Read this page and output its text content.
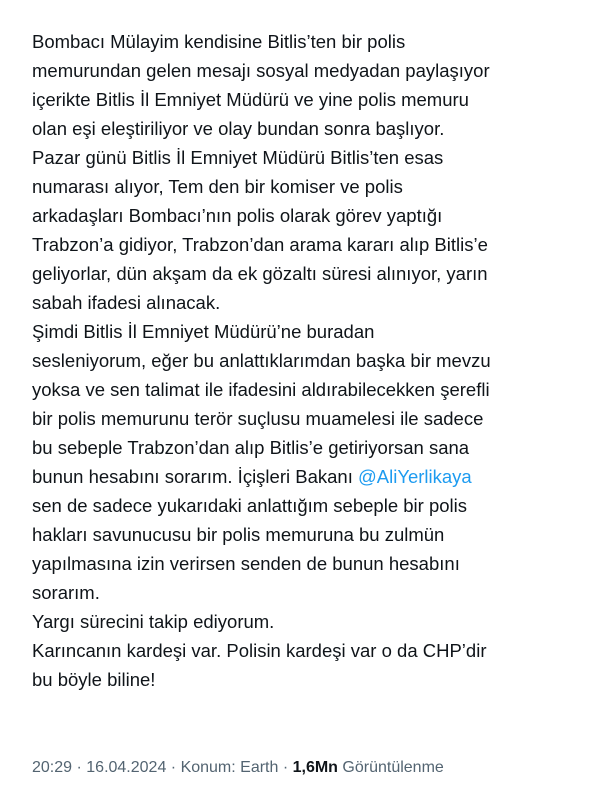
Bombacı Mülayim kendisine Bitlis’ten bir polis
memurundan gelen mesajı sosyal medyadan paylaşıyor
içerikte Bitlis İl Emniyet Müdürü ve yine polis memuru
olan eşi eleştiriliyor ve olay bundan sonra başlıyor.
Pazar günü Bitlis İl Emniyet Müdürü Bitlis’ten esas
numarası alıyor, Tem den bir komiser ve polis
arkadaşları Bombacı’nın polis olarak görev yaptığı
Trabzon’a gidiyor, Trabzon’dan arama kararı alıp Bitlis’e
geliyorlar, dün akşam da ek gözaltı süresi alınıyor, yarın
sabah ifadesi alınacak.
Şimdi Bitlis İl Emniyet Müdürü’ne buradan
sesleniyorum, eğer bu anlattıklarımdan başka bir mevzu
yoksa ve sen talimat ile ifadesini aldırabilecekken şerefli
bir polis memurunu terör suçlusu muamelesi ile sadece
bu sebeple Trabzon’dan alıp Bitlis’e getiriyorsan sana
bunun hesabını sorarım. İçişleri Bakanı @AliYerlikaya
sen de sadece yukarıdaki anlattığım sebeple bir polis
hakları savunucusu bir polis memuruna bu zulmün
yapılmasına izin verirsen senden de bunun hesabını
sorarım.
Yargı sürecini takip ediyorum.
Karıncanın kardeşi var. Polisin kardeşi var o da CHP’dir
bu böyle biline!
20:29 · 16.04.2024 · Konum: Earth · 1,6Mn Görüntülenme
